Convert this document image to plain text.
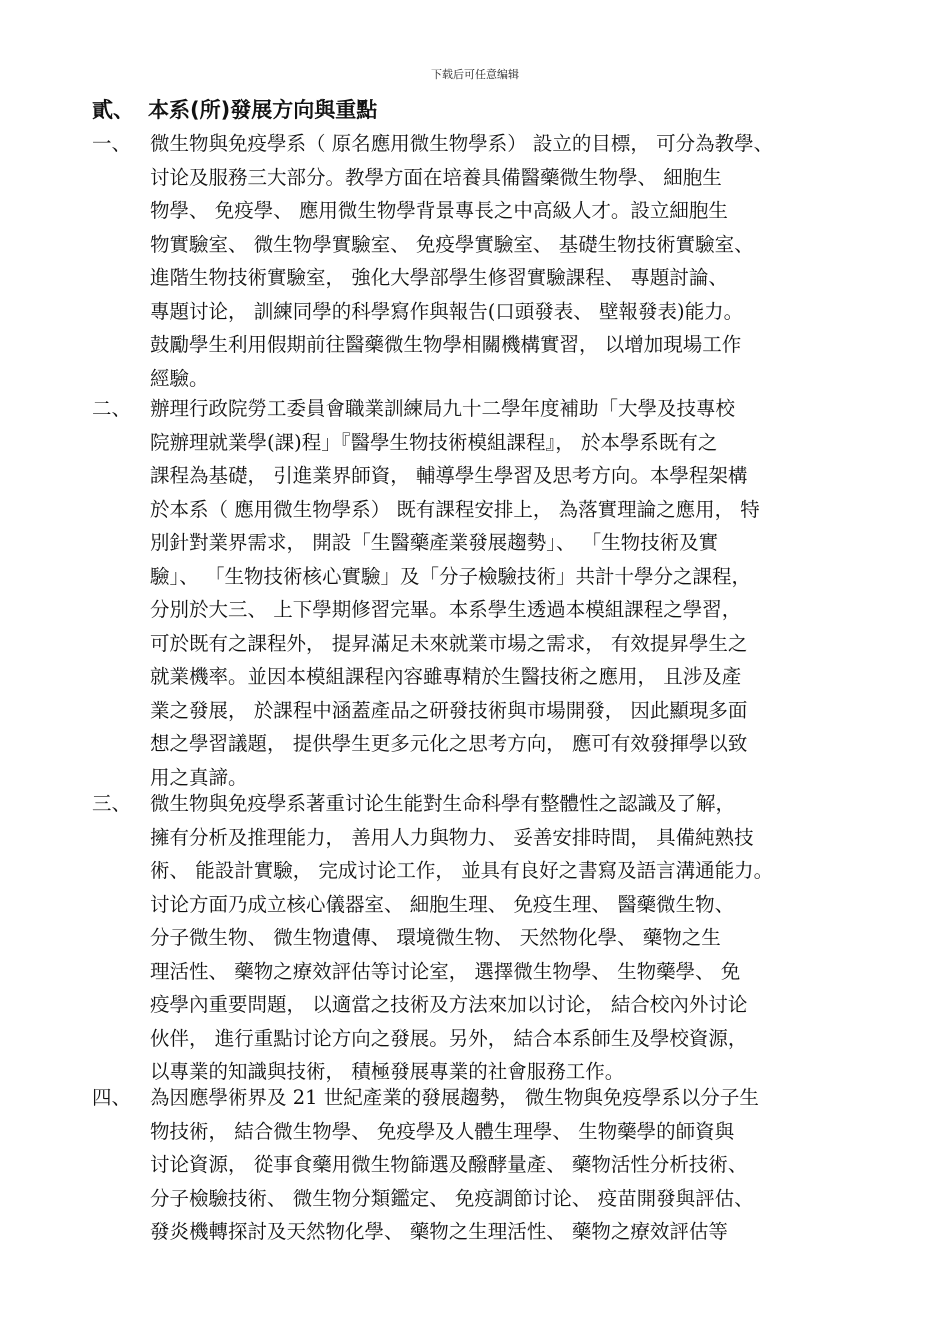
下载后可任意编辑
貳、 本系(所)發展方向與重點
一、 微生物與免疫學系（ 原名應用微生物學系） 設立的目標， 可分為教學、
讨论及服務三大部分。教學方面在培養具備醫藥微生物學、 細胞生
物學、 免疫學、 應用微生物學背景專長之中高級人才。設立細胞生
物實驗室、 微生物學實驗室、 免疫學實驗室、 基礎生物技術實驗室、
進階生物技術實驗室， 強化大學部學生修習實驗課程、 專題討論、
專題讨论， 訓練同學的科學寫作與報告(口頭發表、 壁報發表)能力。
鼓勵學生利用假期前往醫藥微生物學相關機構實習， 以增加現場工作
經驗。
二、 辦理行政院勞工委員會職業訓練局九十二學年度補助「大學及技專校
院辦理就業學(課)程」『醫學生物技術模組課程』， 於本學系既有之
課程為基礎， 引進業界師資， 輔導學生學習及思考方向。本學程架構
於本系（ 應用微生物學系） 既有課程安排上， 為落實理論之應用， 特
別針對業界需求， 開設「生醫藥產業發展趨勢」、 「生物技術及實
驗」、 「生物技術核心實驗」及「分子檢驗技術」共計十學分之課程，
分別於大三、 上下學期修習完畢。本系學生透過本模組課程之學習，
可於既有之課程外， 提昇滿足未來就業市場之需求， 有效提昇學生之
就業機率。並因本模組課程內容雖專精於生醫技術之應用， 且涉及產
業之發展， 於課程中涵蓋產品之研發技術與市場開發， 因此顯現多面
想之學習議題， 提供學生更多元化之思考方向， 應可有效發揮學以致
用之真諦。
三、 微生物與免疫學系著重讨论生能對生命科學有整體性之認識及了解，
擁有分析及推理能力， 善用人力與物力、 妥善安排時間， 具備純熟技
術、 能設計實驗， 完成讨论工作， 並具有良好之書寫及語言溝通能力。
讨论方面乃成立核心儀器室、 細胞生理、 免疫生理、 醫藥微生物、
分子微生物、 微生物遺傳、 環境微生物、 天然物化學、 藥物之生
理活性、 藥物之療效評估等讨论室， 選擇微生物學、 生物藥學、 免
疫學內重要問題， 以適當之技術及方法來加以讨论， 結合校內外讨论
伙伴， 進行重點讨论方向之發展。另外， 結合本系師生及學校資源，
以專業的知識與技術， 積極發展專業的社會服務工作。
四、 為因應學術界及 21 世紀產業的發展趨勢， 微生物與免疫學系以分子生
物技術， 結合微生物學、 免疫學及人體生理學、 生物藥學的師資與
讨论資源， 從事食藥用微生物篩選及醱酵量產、 藥物活性分析技術、
分子檢驗技術、 微生物分類鑑定、 免疫調節讨论、 疫苗開發與評估、
發炎機轉探討及天然物化學、 藥物之生理活性、 藥物之療效評估等
